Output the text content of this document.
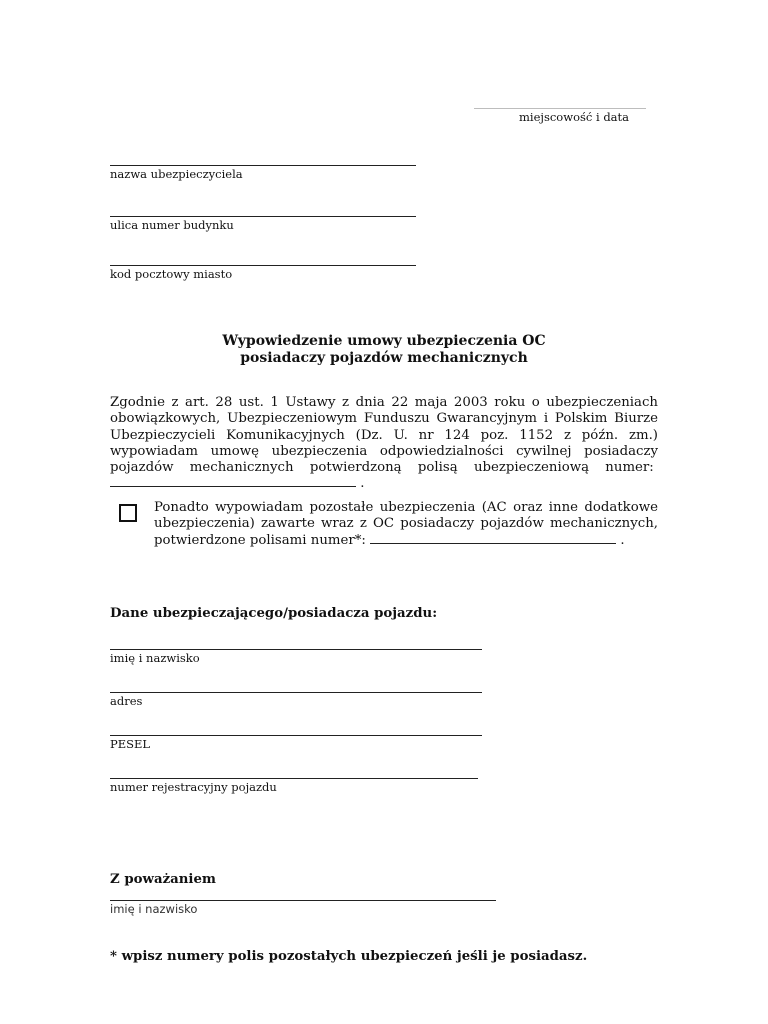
miejscowość i data
nazwa ubezpieczyciela
ulica numer budynku
kod pocztowy miasto
Wypowiedzenie umowy ubezpieczenia OC
posiadaczy pojazdów mechanicznych

Zgodnie z art. 28 ust. 1 Ustawy z dnia 22 maja 2003 roku o ubezpieczeniach obowiązkowych, Ubezpieczeniowym Funduszu Gwarancyjnym i Polskim Biurze Ubezpieczycieli Komunikacyjnych (Dz. U. nr 124 poz. 1152 z późn. zm.) wypowiadam umowę ubezpieczenia odpowiedzialności cywilnej posiadaczy pojazdów mechanicznych potwierdzoną polisą ubezpieczeniową numer:  .

Ponadto wypowiadam pozostałe ubezpieczenia (AC oraz inne dodatkowe ubezpieczenia) zawarte wraz z OC posiadaczy pojazdów mechanicznych, potwierdzone polisami numer*:	.

Dane ubezpieczającego/posiadacza pojazdu:
imię i nazwisko
adres
PESEL
numer rejestracyjny pojazdu
Z poważaniem
imię i nazwisko
* wpisz numery polis pozostałych ubezpieczeń jeśli je posiadasz.
